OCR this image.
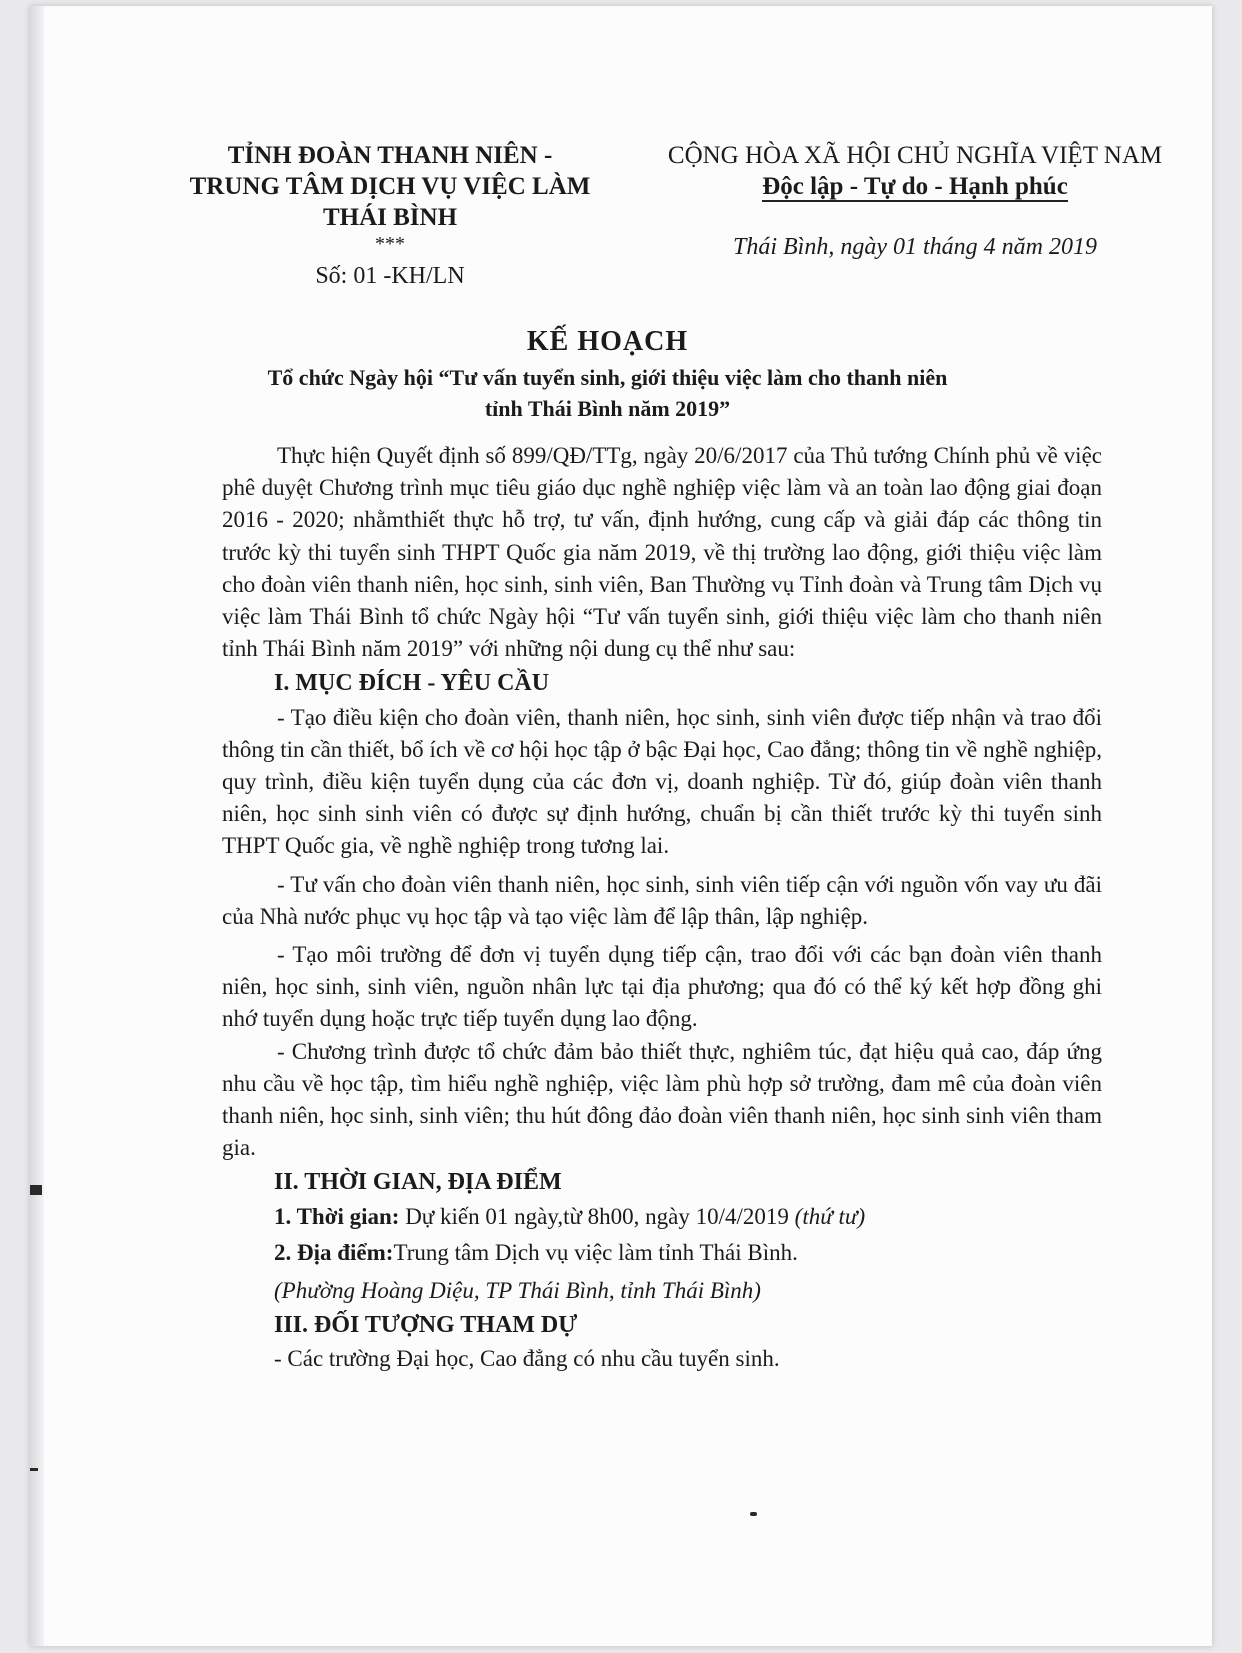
TỈNH ĐOÀN THANH NIÊN -
TRUNG TÂM DỊCH VỤ VIỆC LÀM
THÁI BÌNH
***
Số: 01 -KH/LN
CỘNG HÒA XÃ HỘI CHỦ NGHĨA VIỆT NAM
Độc lập - Tự do - Hạnh phúc
Thái Bình, ngày 01 tháng 4 năm 2019
KẾ HOẠCH
Tổ chức Ngày hội “Tư vấn tuyển sinh, giới thiệu việc làm cho thanh niên
tỉnh Thái Bình năm 2019”

Thực hiện Quyết định số 899/QĐ/TTg, ngày 20/6/2017 của Thủ tướng Chính phủ về việc phê duyệt Chương trình mục tiêu giáo dục nghề nghiệp việc làm và an toàn lao động giai đoạn 2016 - 2020; nhằmthiết thực hỗ trợ, tư vấn, định hướng, cung cấp và giải đáp các thông tin trước kỳ thi tuyển sinh THPT Quốc gia năm 2019, về thị trường lao động, giới thiệu việc làm cho đoàn viên thanh niên, học sinh, sinh viên, Ban Thường vụ Tỉnh đoàn và Trung tâm Dịch vụ việc làm Thái Bình tổ chức Ngày hội “Tư vấn tuyển sinh, giới thiệu việc làm cho thanh niên tỉnh Thái Bình năm 2019” với những nội dung cụ thể như sau:

I. MỤC ĐÍCH - YÊU CẦU

- Tạo điều kiện cho đoàn viên, thanh niên, học sinh, sinh viên được tiếp nhận và trao đổi thông tin cần thiết, bổ ích về cơ hội học tập ở bậc Đại học, Cao đẳng; thông tin về nghề nghiệp, quy trình, điều kiện tuyển dụng của các đơn vị, doanh nghiệp. Từ đó, giúp đoàn viên thanh niên, học sinh sinh viên có được sự định hướng, chuẩn bị cần thiết trước kỳ thi tuyển sinh THPT Quốc gia, về nghề nghiệp trong tương lai.

- Tư vấn cho đoàn viên thanh niên, học sinh, sinh viên tiếp cận với nguồn vốn vay ưu đãi của Nhà nước phục vụ học tập và tạo việc làm để lập thân, lập nghiệp.

- Tạo môi trường để đơn vị tuyển dụng tiếp cận, trao đổi với các bạn đoàn viên thanh niên, học sinh, sinh viên, nguồn nhân lực tại địa phương; qua đó có thể ký kết hợp đồng ghi nhớ tuyển dụng hoặc trực tiếp tuyển dụng lao động.

- Chương trình được tổ chức đảm bảo thiết thực, nghiêm túc, đạt hiệu quả cao, đáp ứng nhu cầu về học tập, tìm hiểu nghề nghiệp, việc làm phù hợp sở trường, đam mê của đoàn viên thanh niên, học sinh, sinh viên; thu hút đông đảo đoàn viên thanh niên, học sinh sinh viên tham gia.

II. THỜI GIAN, ĐỊA ĐIỂM
1. Thời gian: Dự kiến 01 ngày,từ 8h00, ngày 10/4/2019 (thứ tư)
2. Địa điểm:Trung tâm Dịch vụ việc làm tỉnh Thái Bình.
(Phường Hoàng Diệu, TP Thái Bình, tỉnh Thái Bình)
III. ĐỐI TƯỢNG THAM DỰ
- Các trường Đại học, Cao đẳng có nhu cầu tuyển sinh.
